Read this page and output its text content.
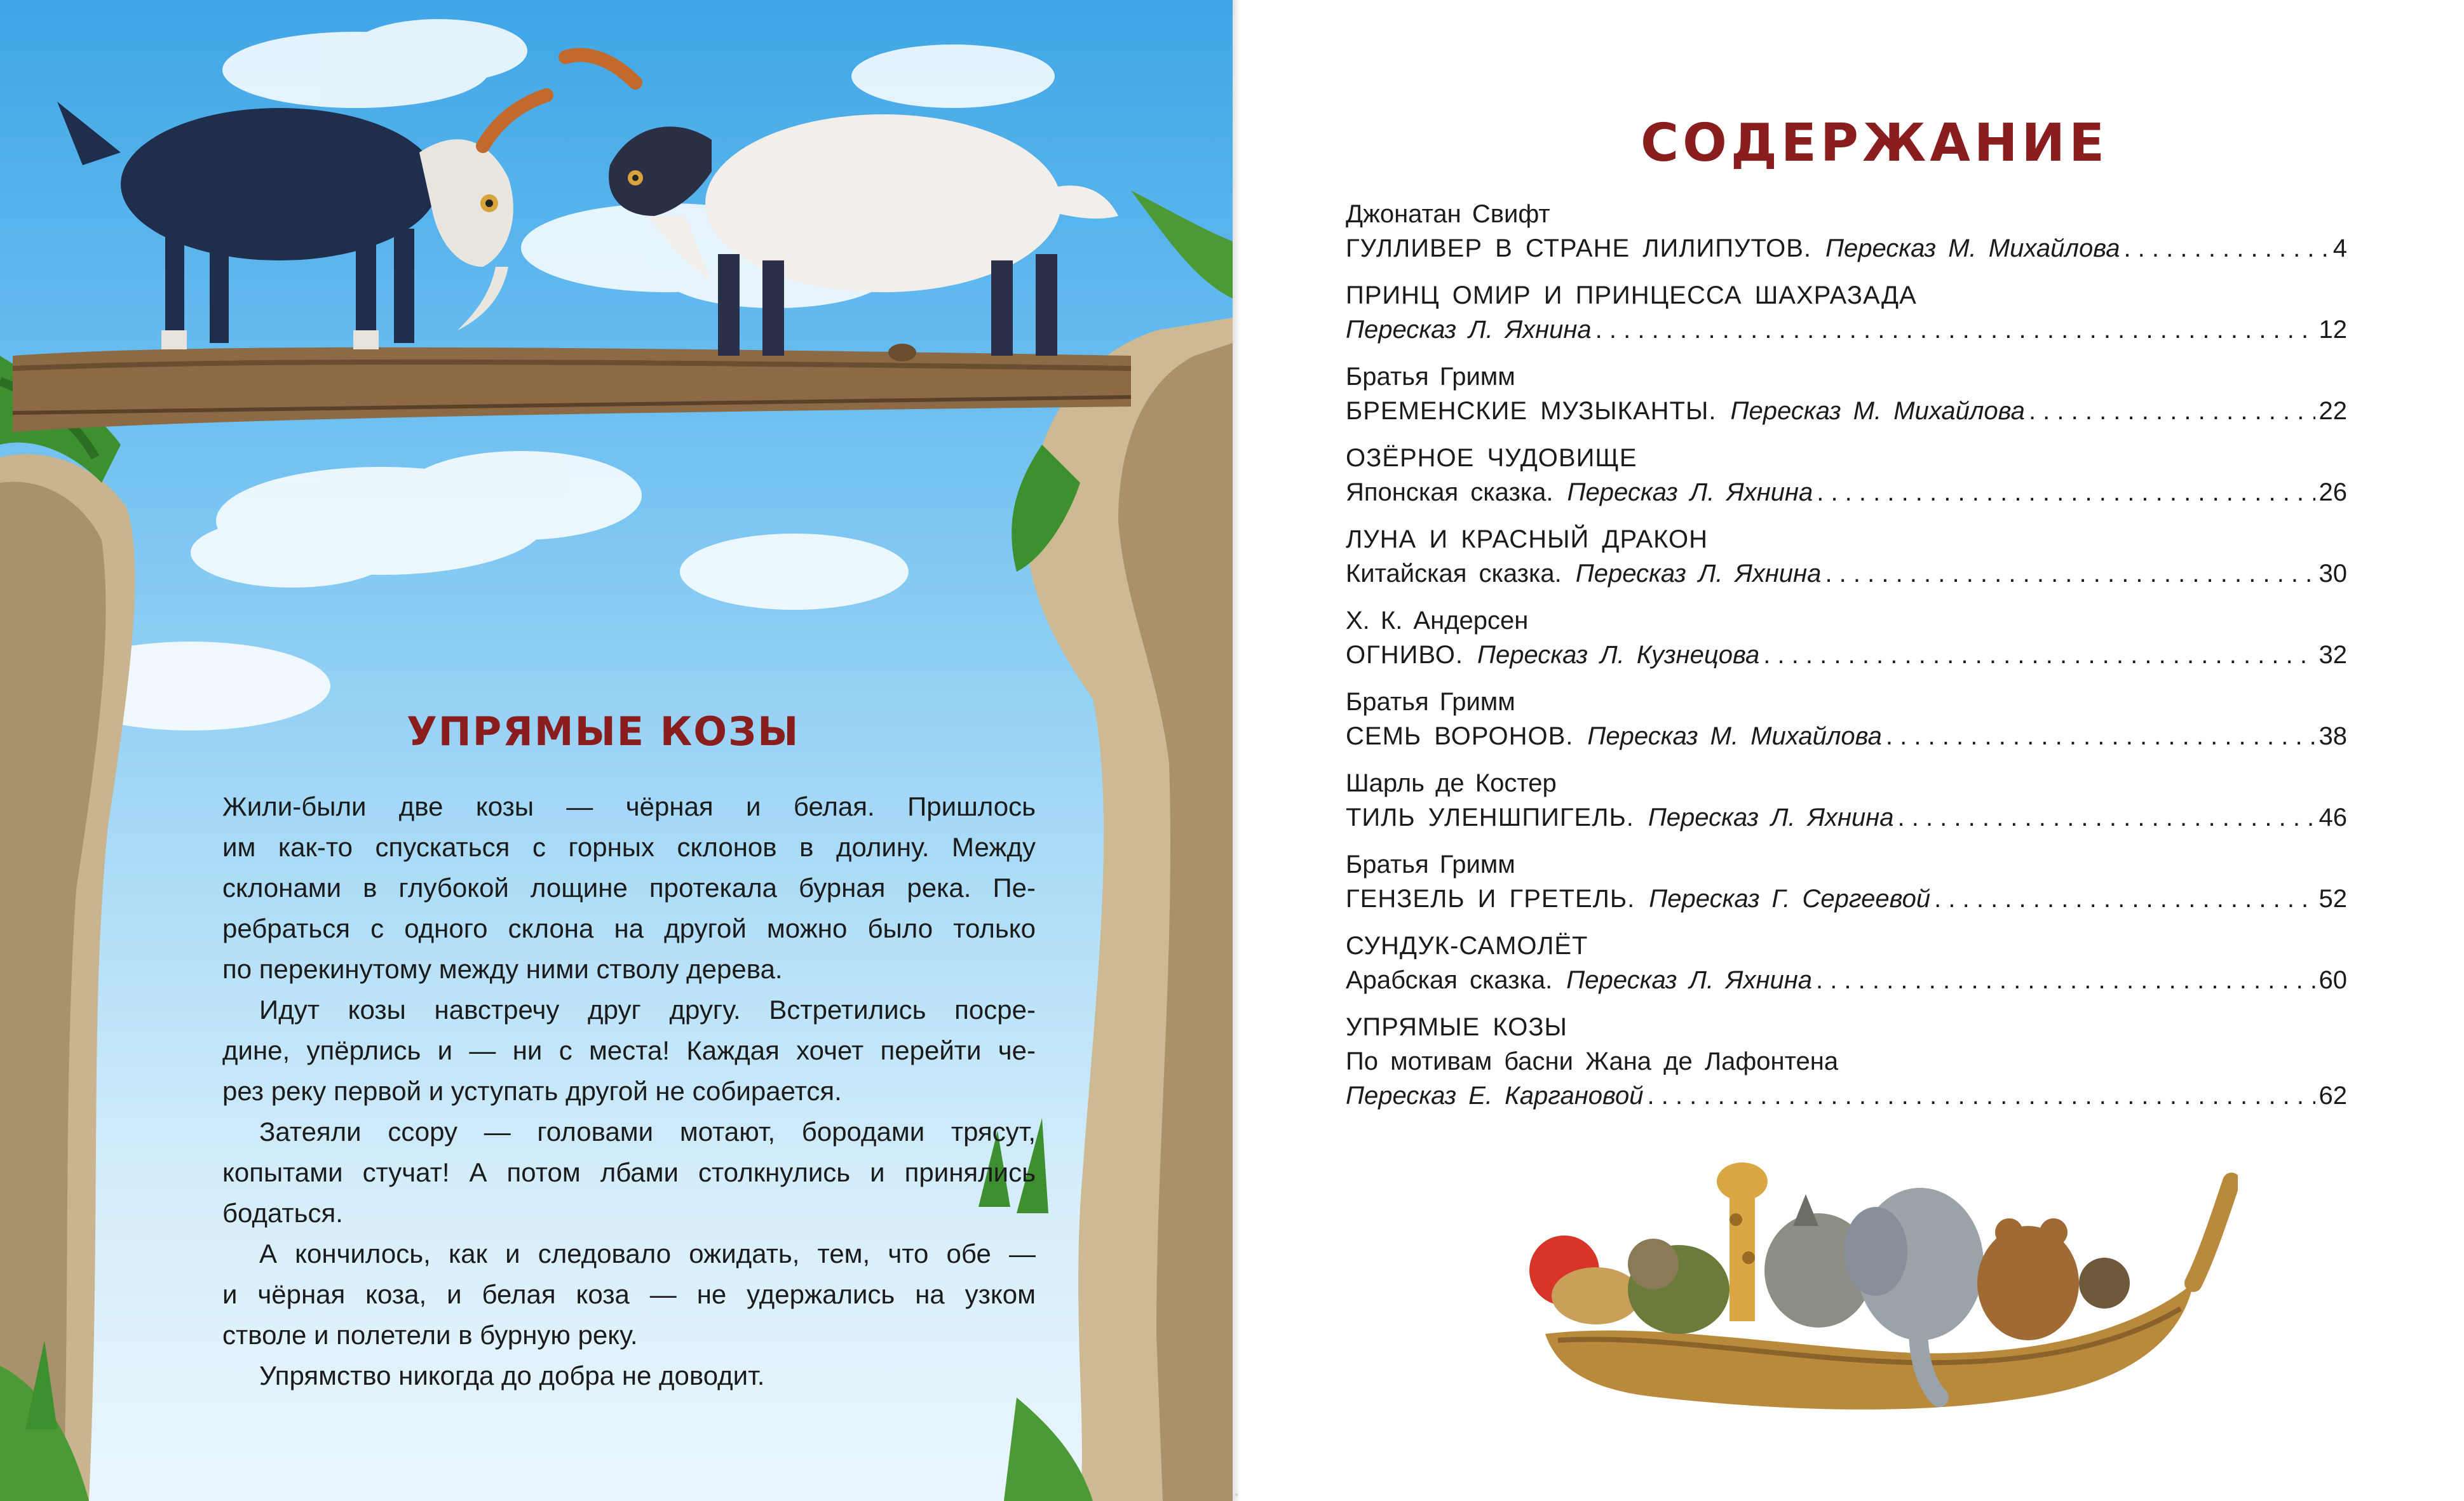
УПРЯМЫЕ КОЗЫ
Жили-были две козы — чёрная и белая. Пришлось
им как-то спускаться с горных склонов в долину. Между
склонами в глубокой лощине протекала бурная река. Пе-
ребраться с одного склона на другой можно было только
по перекинутому между ними стволу дерева.
Идут козы навстречу друг другу. Встретились посре-
дине, упёрлись и — ни с места! Каждая хочет перейти че-
рез реку первой и уступать другой не собирается.
Затеяли ссору — головами мотают, бородами трясут,
копытами стучат! А потом лбами столкнулись и принялись
бодаться.
А кончилось, как и следовало ожидать, тем, что обе —
и чёрная коза, и белая коза — не удержались на узком
стволе и полетели в бурную реку.
Упрямство никогда до добра не доводит.
СОДЕРЖАНИЕ
Джонатан Свифт
ГУЛЛИВЕР В СТРАНЕ ЛИЛИПУТОВ. Пересказ М. Михайлова . . .	4
ПРИНЦ ОМИР И ПРИНЦЕССА ШАХРАЗАДА
Пересказ Л. Яхнина . . .	12
Братья Гримм
БРЕМЕНСКИЕ МУЗЫКАНТЫ. Пересказ М. Михайлова . . .	22
ОЗЁРНОЕ ЧУДОВИЩЕ
Японская сказка. Пересказ Л. Яхнина . . .	26
ЛУНА И КРАСНЫЙ ДРАКОН
Китайская сказка. Пересказ Л. Яхнина . . .	30
Х. К. Андерсен
ОГНИВО. Пересказ Л. Кузнецова . . .	32
Братья Гримм
СЕМЬ ВОРОНОВ. Пересказ М. Михайлова . . .	38
Шарль де Костер
ТИЛЬ УЛЕНШПИГЕЛЬ. Пересказ Л. Яхнина . . .	46
Братья Гримм
ГЕНЗЕЛЬ И ГРЕТЕЛЬ. Пересказ Г. Сергеевой . . .	52
СУНДУК-САМОЛЁТ
Арабская сказка. Пересказ Л. Яхнина . . .	60
УПРЯМЫЕ КОЗЫ
По мотивам басни Жана де Лафонтена
Пересказ Е. Каргановой . . .	62
